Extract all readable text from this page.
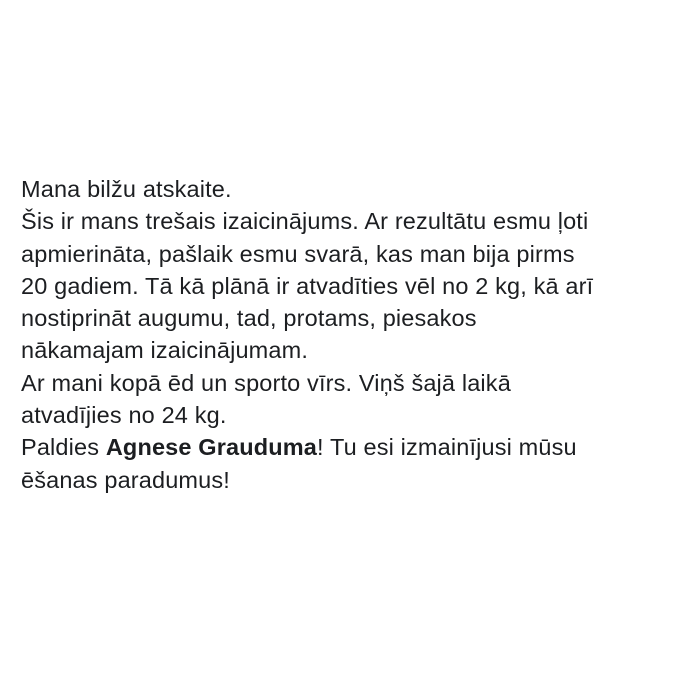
Mana bilžu atskaite.
Šis ir mans trešais izaicinājums. Ar rezultātu esmu ļoti
apmierināta, pašlaik esmu svarā, kas man bija pirms
20 gadiem. Tā kā plānā ir atvadīties vēl no 2 kg, kā arī
nostiprināt augumu, tad, protams, piesakos
nākamajam izaicinājumam.
Ar mani kopā ēd un sporto vīrs. Viņš šajā laikā
atvadījies no 24 kg.
Paldies Agnese Grauduma! Tu esi izmainījusi mūsu
ēšanas paradumus!
